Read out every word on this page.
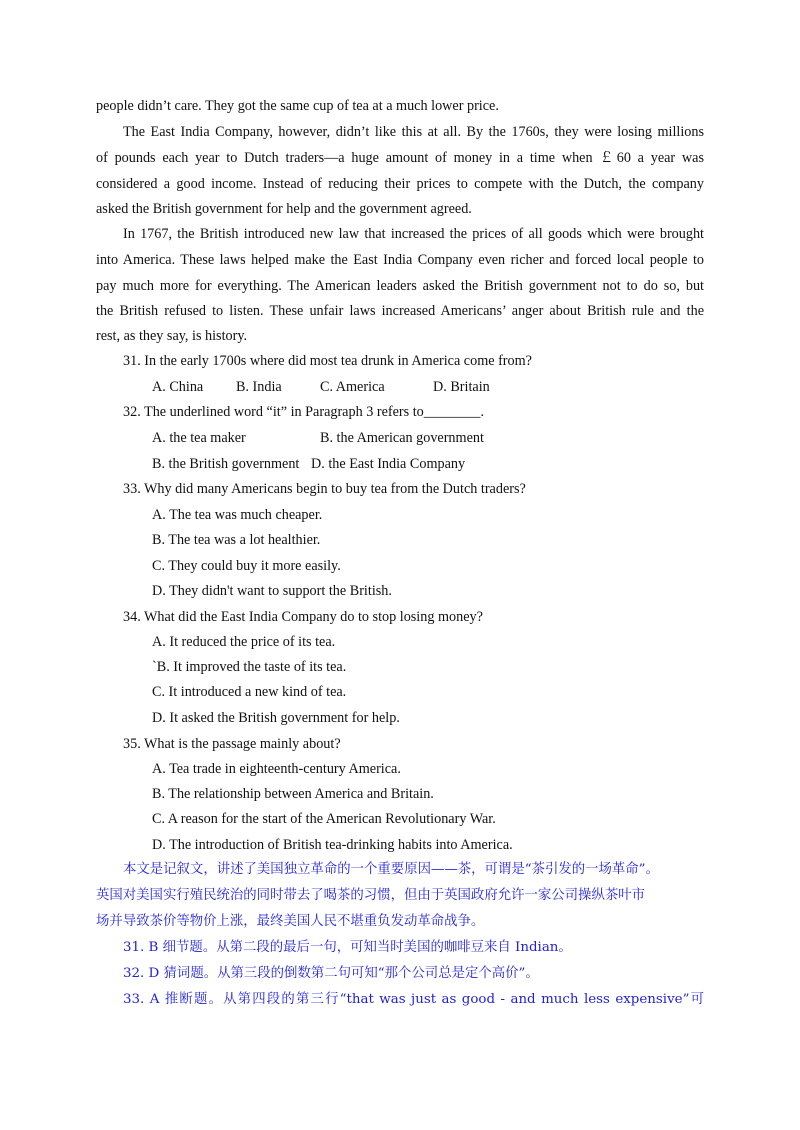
people didn’t care. They got the same cup of tea at a much lower price.
The East India Company, however, didn’t like this at all. By the 1760s, they were losing millions
of pounds each year to Dutch traders—a huge amount of money in a time when ￡60 a year was
considered a good income. Instead of reducing their prices to compete with the Dutch, the company
asked the British government for help and the government agreed.
In 1767, the British introduced new law that increased the prices of all goods which were brought
into America. These laws helped make the East India Company even richer and forced local people to
pay much more for everything. The American leaders asked the British government not to do so, but
the British refused to listen. These unfair laws increased Americans’ anger about British rule and the
rest, as they say, is history.
31. In the early 1700s where did most tea drunk in America come from?
A. China B. India	C. America	D. Britain
32. The underlined word “it” in Paragraph 3 refers to________.
A. the tea maker	B. the American government
B. the British government D. the East India Company
33. Why did many Americans begin to buy tea from the Dutch traders?
A. The tea was much cheaper.
B. The tea was a lot healthier.
C. They could buy it more easily.
D. They didn't want to support the British.
34. What did the East India Company do to stop losing money?
A. It reduced the price of its tea.
`B. It improved the taste of its tea.
C. It introduced a new kind of tea.
D. It asked the British government for help.
35. What is the passage mainly about?
A. Tea trade in eighteenth-century America.
B. The relationship between America and Britain.
C. A reason for the start of the American Revolutionary War.
D. The introduction of British tea-drinking habits into America.
本文是记叙文，讲述了美国独立革命的一个重要原因——茶，可谓是“茶引发的一场革命”。
英国对美国实行殖民统治的同时带去了喝茶的习惯，但由于英国政府允许一家公司操纵茶叶市
场并导致茶价等物价上涨，最终美国人民不堪重负发动革命战争。
31. B 细节题。从第二段的最后一句，可知当时美国的咖啡豆来自 Indian。
32. D 猜词题。从第三段的倒数第二句可知“那个公司总是定个高价”。
33. A 推断题。从第四段的第三行“that was just as good - and much less expensive”可
